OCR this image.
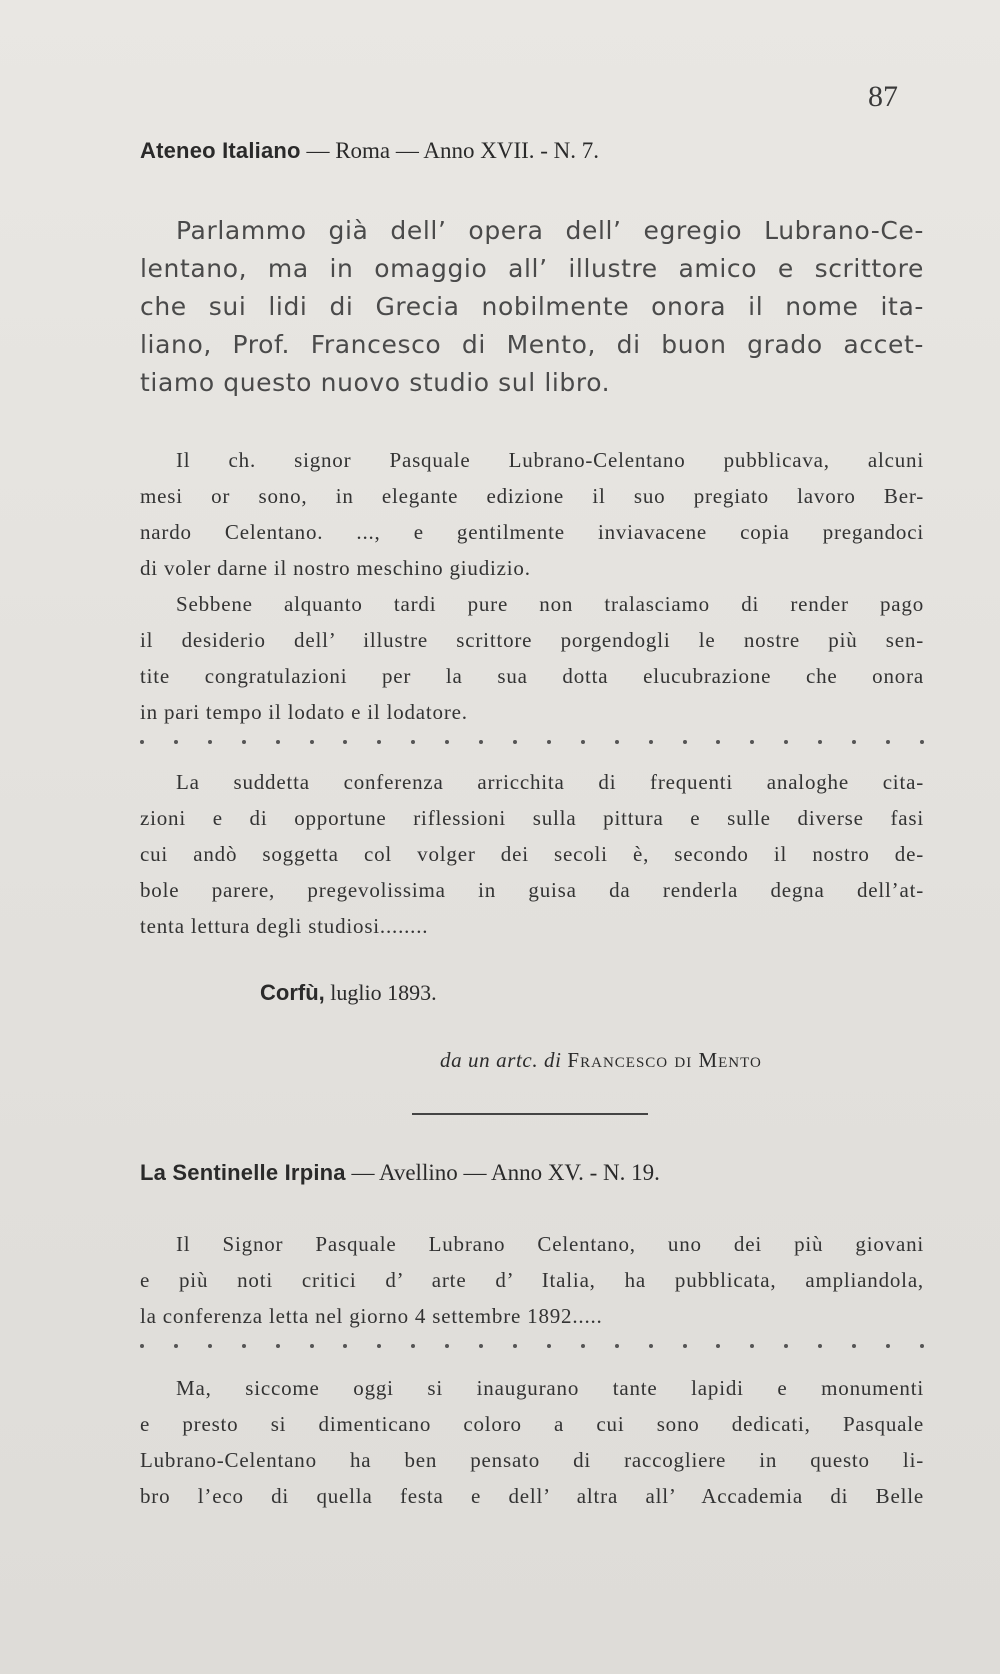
87
Ateneo Italiano — Roma — Anno XVII. - N. 7.
Parlammo già dell’ opera dell’ egregio Lubrano-Ce-
lentano, ma in omaggio all’ illustre amico e scrittore
che sui lidi di Grecia nobilmente onora il nome ita-
liano, Prof. Francesco di Mento, di buon grado accet-
tiamo questo nuovo studio sul libro.
Il ch. signor Pasquale Lubrano-Celentano pubblicava, alcuni
mesi or sono, in elegante edizione il suo pregiato lavoro Ber-
nardo Celentano. ..., e gentilmente inviavacene copia pregandoci
di voler darne il nostro meschino giudizio.
Sebbene alquanto tardi pure non tralasciamo di render pago
il desiderio dell’ illustre scrittore porgendogli le nostre più sen-
tite congratulazioni per la sua dotta elucubrazione che onora
in pari tempo il lodato e il lodatore.
La suddetta conferenza arricchita di frequenti analoghe cita-
zioni e di opportune riflessioni sulla pittura e sulle diverse fasi
cui andò soggetta col volger dei secoli è, secondo il nostro de-
bole parere, pregevolissima in guisa da renderla degna dell’at-
tenta lettura degli studiosi........
Corfù, luglio 1893.
da un artc. di Francesco di Mento
La Sentinelle Irpina — Avellino — Anno XV. - N. 19.
Il Signor Pasquale Lubrano Celentano, uno dei più giovani
e più noti critici d’ arte d’ Italia, ha pubblicata, ampliandola,
la conferenza letta nel giorno 4 settembre 1892.....
Ma, siccome oggi si inaugurano tante lapidi e monumenti
e presto si dimenticano coloro a cui sono dedicati, Pasquale
Lubrano-Celentano ha ben pensato di raccogliere in questo li-
bro l’eco di quella festa e dell’ altra all’ Accademia di Belle
